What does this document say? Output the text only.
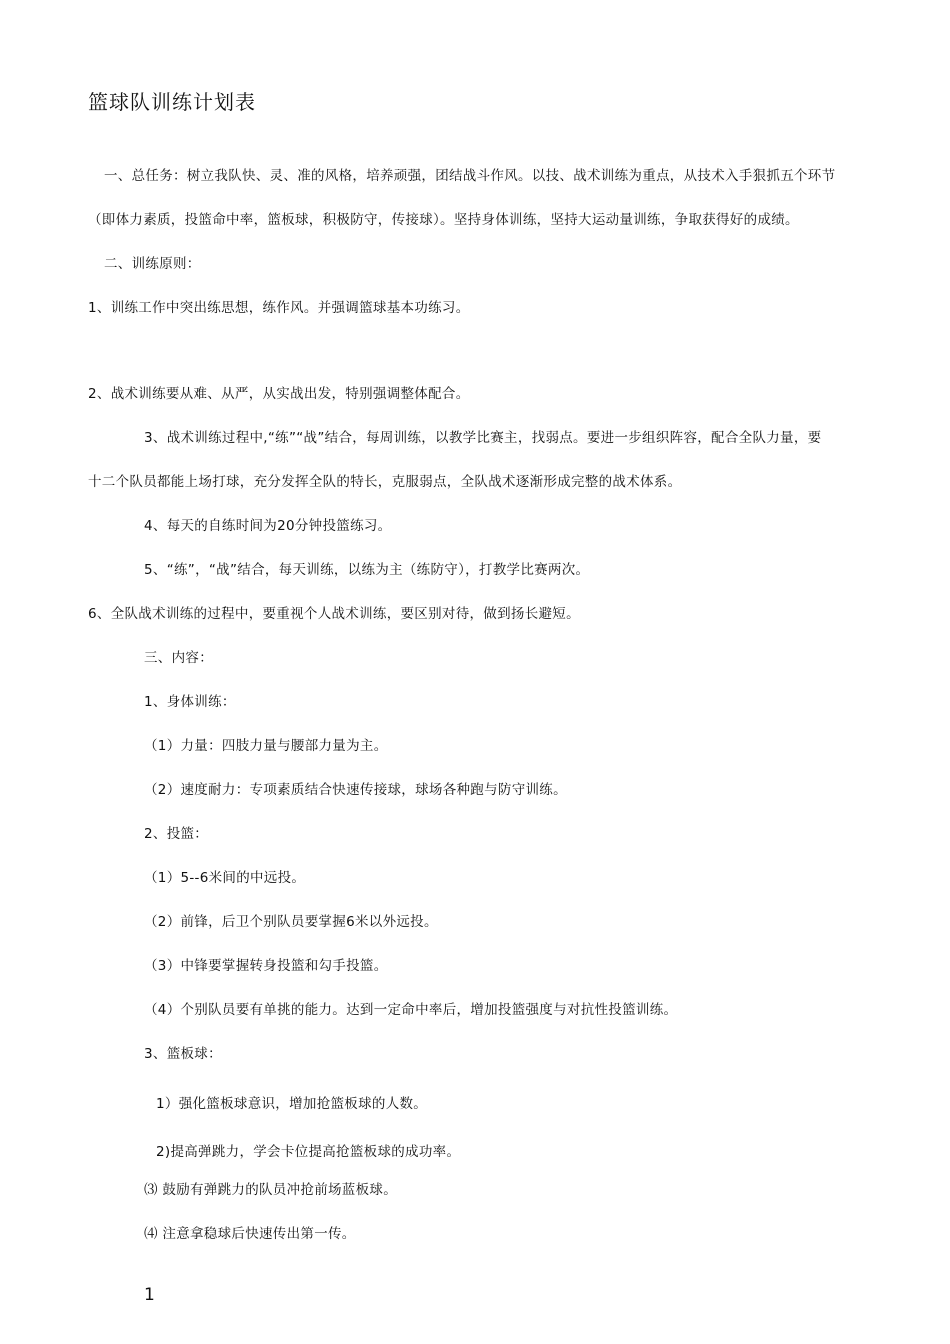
篮球队训练计划表
一、总任务：树立我队快、灵、准的风格，培养顽强，团结战斗作风。以技、战术训练为重点，从技术入手狠抓五个环节
（即体力素质，投篮命中率，篮板球，积极防守，传接球）。坚持身体训练，坚持大运动量训练，争取获得好的成绩。
二、训练原则：
1、训练工作中突出练思想，练作风。并强调篮球基本功练习。
2、战术训练要从难、从严，从实战出发，特别强调整体配合。
3、战术训练过程中,“练”“战”结合，每周训练，以教学比赛主，找弱点。要进一步组织阵容，配合全队力量，要
十二个队员都能上场打球，充分发挥全队的特长，克服弱点，全队战术逐渐形成完整的战术体系。
4、每天的自练时间为20分钟投篮练习。
5、“练”，“战”结合，每天训练，以练为主（练防守），打教学比赛两次。
6、全队战术训练的过程中，要重视个人战术训练，要区别对待，做到扬长避短。
三、内容：
1、身体训练：
（1）力量：四肢力量与腰部力量为主。
（2）速度耐力：专项素质结合快速传接球，球场各种跑与防守训练。
2、投篮：
（1）5--6米间的中远投。
（2）前锋，后卫个别队员要掌握6米以外远投。
（3）中锋要掌握转身投篮和勾手投篮。
（4）个别队员要有单挑的能力。达到一定命中率后，增加投篮强度与对抗性投篮训练。
3、篮板球：
1）强化篮板球意识，增加抢篮板球的人数。
2)提高弹跳力，学会卡位提高抢篮板球的成功率。
⑶ 鼓励有弹跳力的队员冲抢前场蓝板球。
⑷ 注意拿稳球后快速传出第一传。
1
